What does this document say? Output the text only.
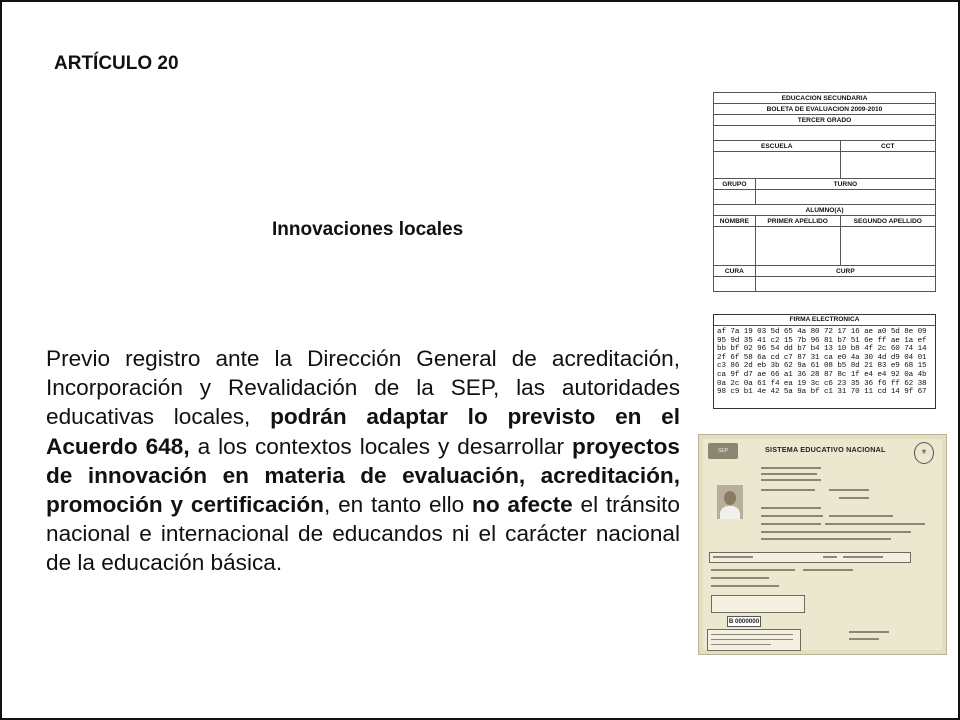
ARTÍCULO 20
Innovaciones locales
Previo registro ante la Dirección General de acreditación, Incorporación y Revalidación de la SEP, las autoridades educativas locales, podrán adaptar lo previsto en el Acuerdo 648, a los contextos locales y desarrollar proyectos de innovación en materia de evaluación, acreditación, promoción y certificación, en tanto ello no afecte el tránsito nacional e internacional de educandos ni el carácter nacional de la educación básica.
EDUCACION SECUNDARIA		
BOLETA DE EVALUACION 2009-2010		
TERCER GRADO		

ESCUELA		CCT

GRUPO	TURNO	

ALUMNO(A)		
NOMBRE	PRIMER APELLIDO	SEGUNDO APELLIDO

CURA	CURP	

FIRMA ELECTRONICA
af 7a 19 03 5d 65 4a 80 72 17 16 ae a0 5d 8e 09 95 9d 35 41 c2 15 7b 96 81 b7 51 6e ff ae 1a ef bb bf 02 96 54 dd b7 b4 13 10 b8 4f 2c 60 74 14 2f 6f 58 6a cd c7 87 31 ca e0 4a 30 4d d9 04 01 c3 86 2d eb 3b 62 9a 61 08 b5 8d 21 83 e9 68 15 ca 9f d7 ae 66 a1 36 28 87 8c 1f e4 e4 92 0a 4b 0a 2c 0a 61 f4 ea 19 3c c6 23 35 36 f6 ff 62 38 98 c9 b1 4e 42 5a 9a bf c1 31 70 11 cd 14 9f 67
SEP	SISTEMA EDUCATIVO NACIONAL	⚜
B 0000000
